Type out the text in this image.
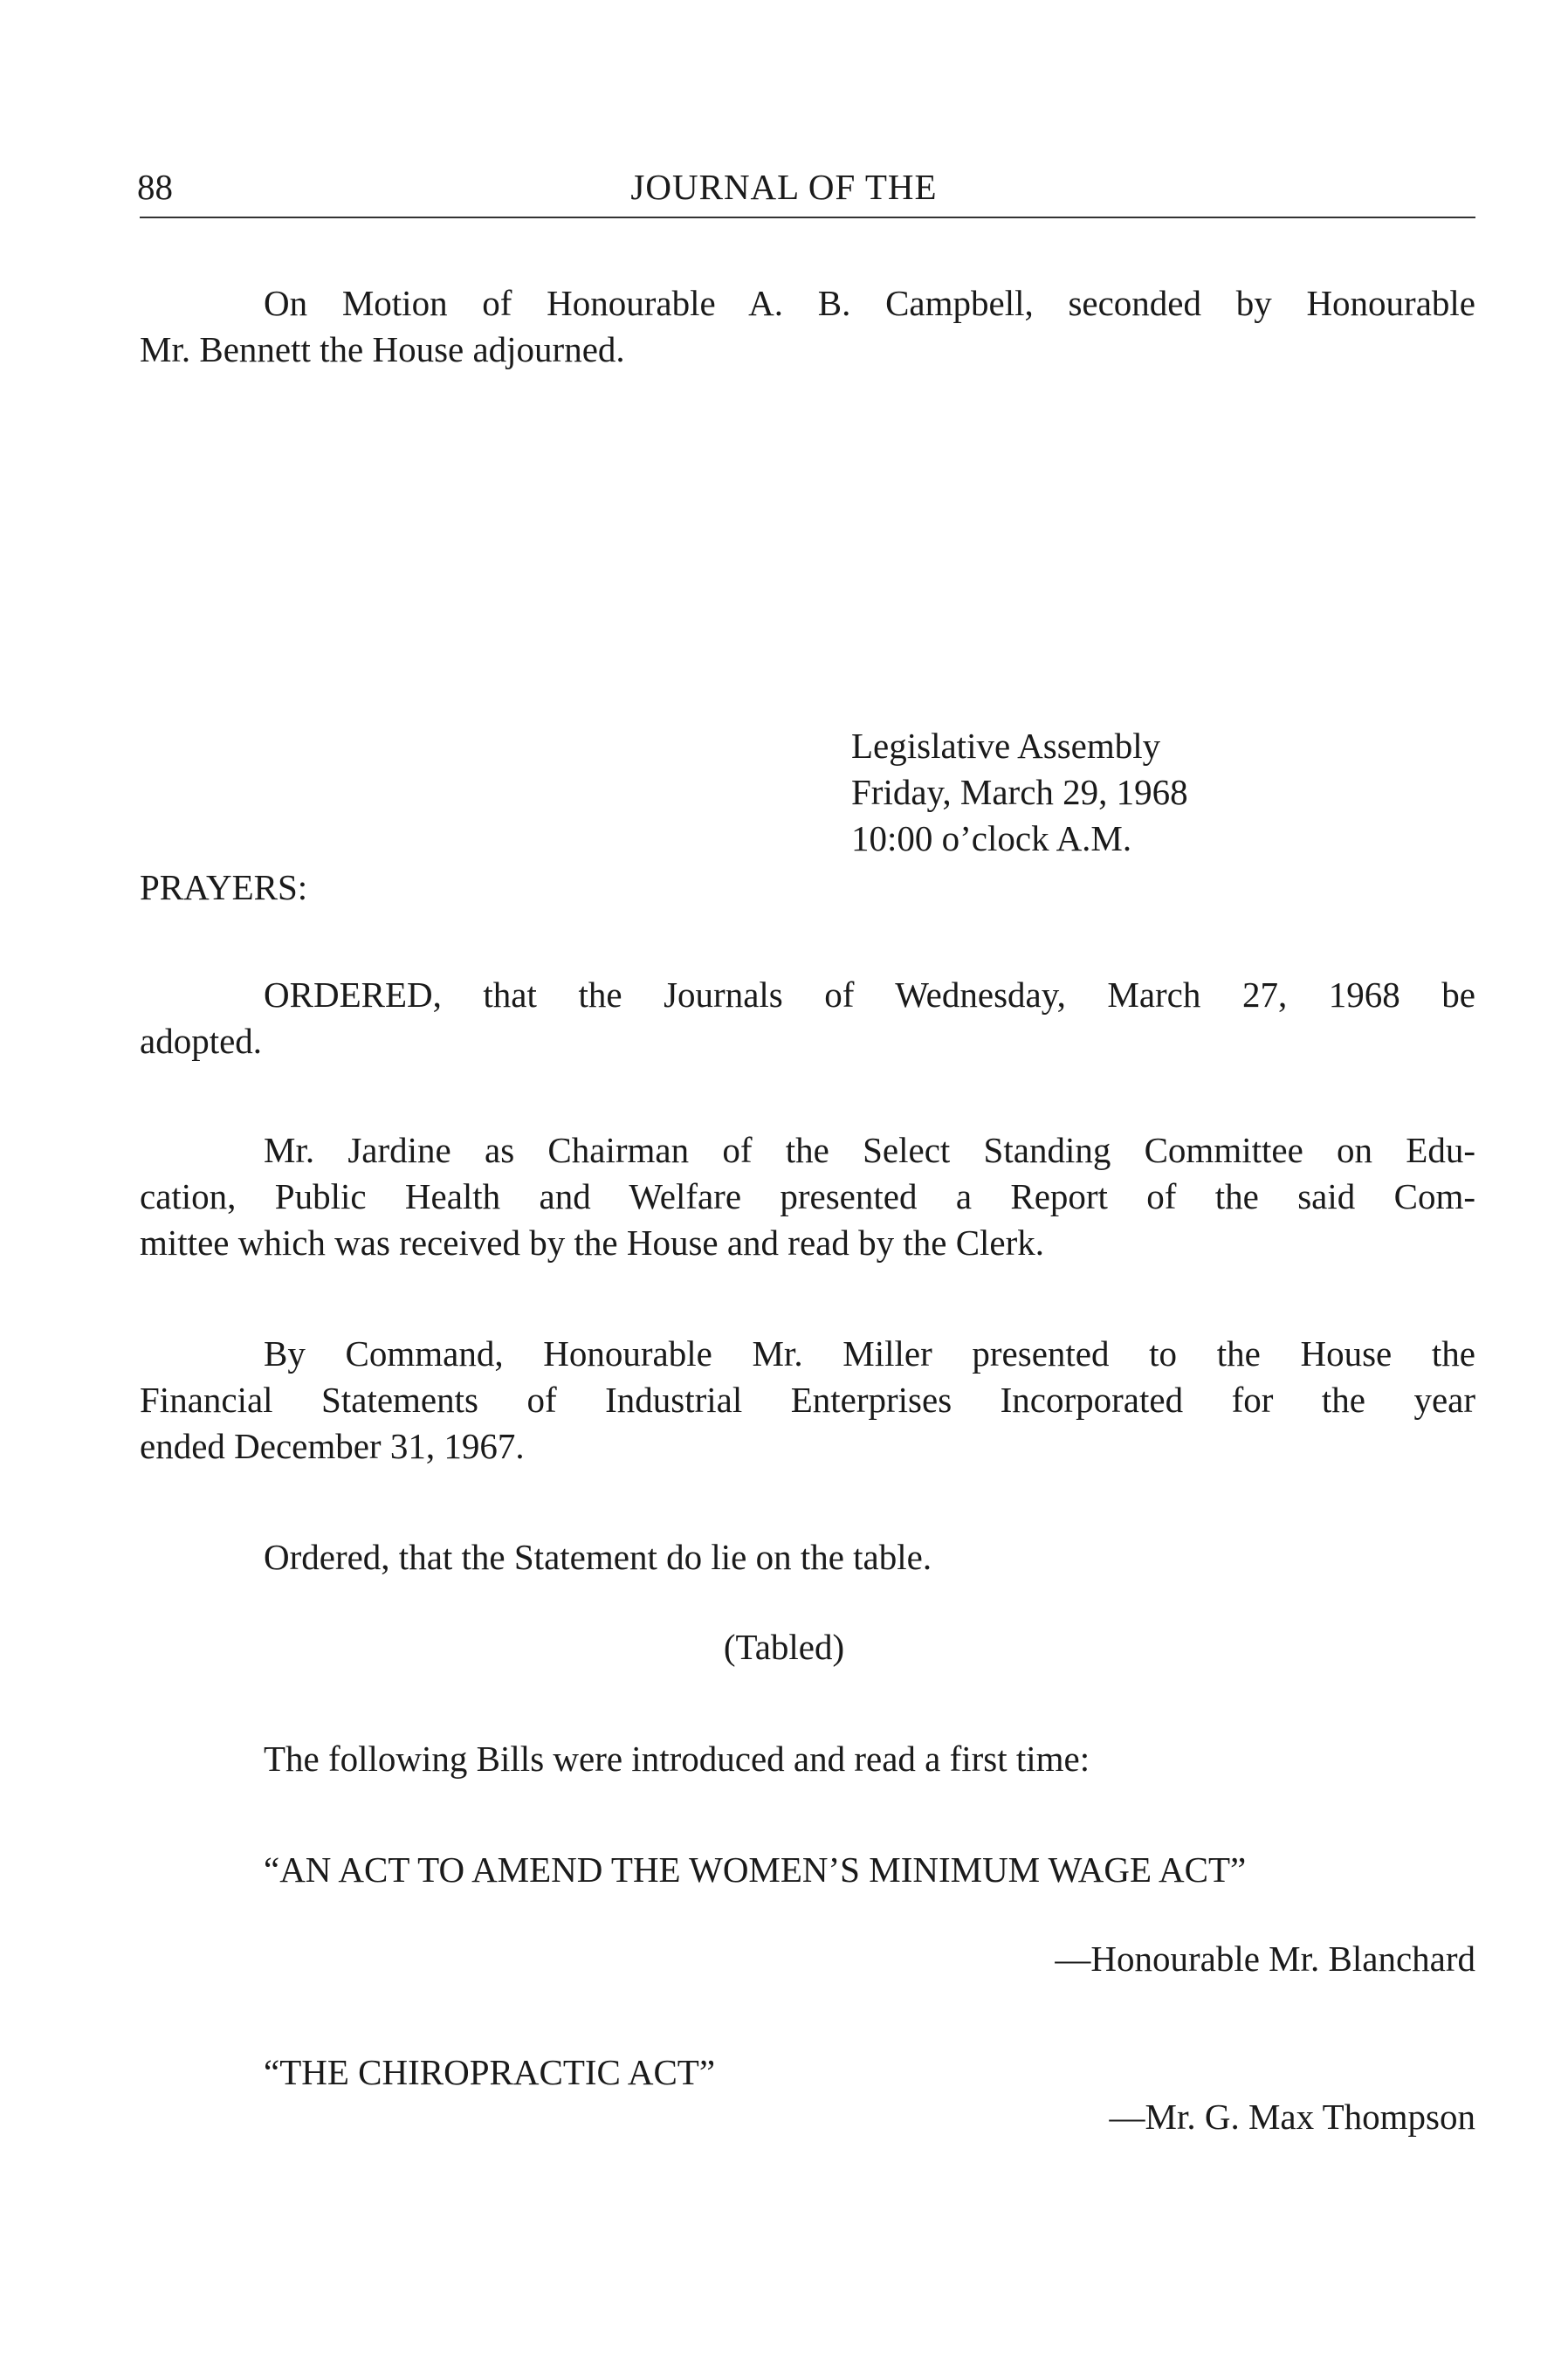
88	JOURNAL OF THE
On Motion of Honourable A. B. Campbell, seconded by Honourable
Mr. Bennett the House adjourned.
Legislative Assembly
Friday, March 29, 1968
10:00 o’clock A.M.
PRAYERS:
ORDERED, that the Journals of Wednesday, March 27, 1968 be
adopted.
Mr. Jardine as Chairman of the Select Standing Committee on Edu-
cation, Public Health and Welfare presented a Report of the said Com-
mittee which was received by the House and read by the Clerk.
By Command, Honourable Mr. Miller presented to the House the
Financial Statements of Industrial Enterprises Incorporated for the year
ended December 31, 1967.
Ordered, that the Statement do lie on the table.
(Tabled)
The following Bills were introduced and read a first time:
“AN ACT TO AMEND THE WOMEN’S MINIMUM WAGE ACT”
—Honourable Mr. Blanchard
“THE CHIROPRACTIC ACT”
—Mr. G. Max Thompson
